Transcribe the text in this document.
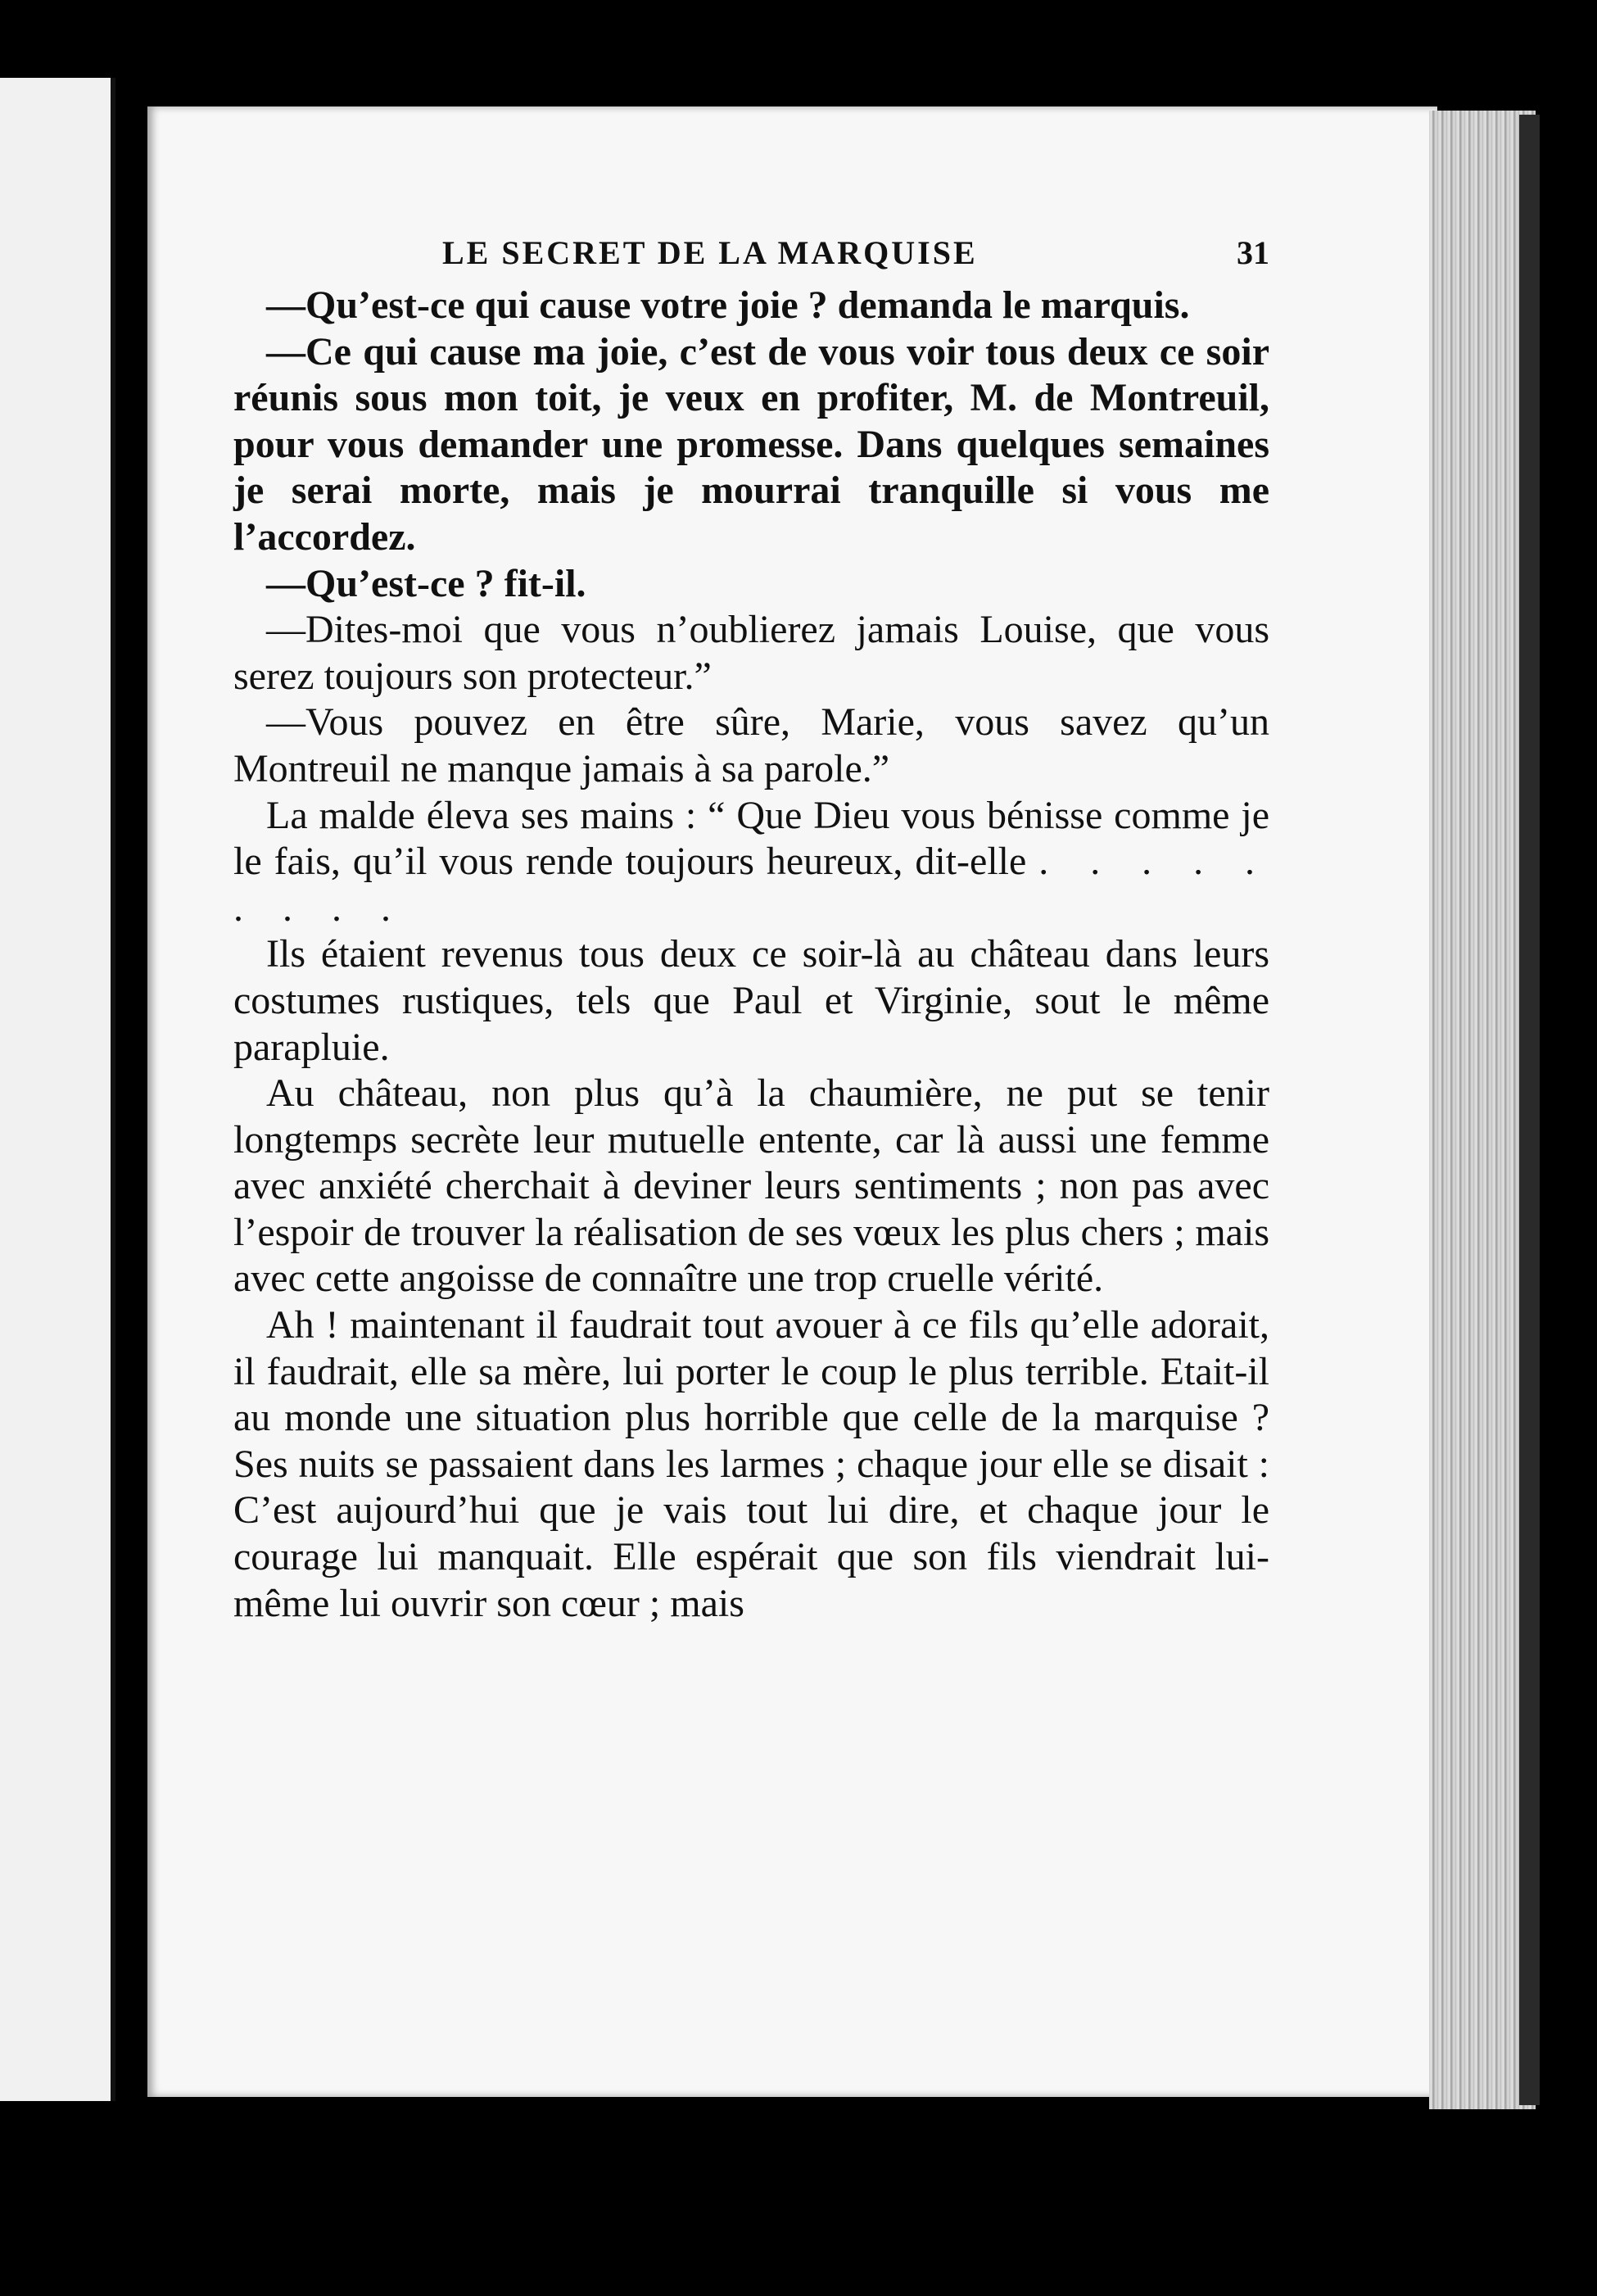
LE SECRET DE LA MARQUISE	31

—Qu’est-ce qui cause votre joie ? demanda le marquis.

—Ce qui cause ma joie, c’est de vous voir tous deux ce soir réunis sous mon toit, je veux en profiter, M. de Montreuil, pour vous demander une promesse. Dans quelques semaines je serai morte, mais je mourrai tranquille si vous me l’accordez.

—Qu’est-ce ? fit-il.

—Dites-moi que vous n’oublierez jamais Louise, que vous serez toujours son protecteur.”

—Vous pouvez en être sûre, Marie, vous savez qu’un Montreuil ne manque jamais à sa parole.”

La malde éleva ses mains : “ Que Dieu vous bénisse comme je le fais, qu’il vous rende toujours heureux, dit-elle . . . . . . . . .

Ils étaient revenus tous deux ce soir-là au château dans leurs costumes rustiques, tels que Paul et Virginie, sout le même parapluie.

Au château, non plus qu’à la chaumière, ne put se tenir longtemps secrète leur mutuelle entente, car là aussi une femme avec anxiété cherchait à deviner leurs sentiments ; non pas avec l’espoir de trouver la réalisation de ses vœux les plus chers ; mais avec cette angoisse de connaître une trop cruelle vérité.

Ah ! maintenant il faudrait tout avouer à ce fils qu’elle adorait, il faudrait, elle sa mère, lui porter le coup le plus terrible. Etait-il au monde une situation plus horrible que celle de la marquise ? Ses nuits se passaient dans les larmes ; chaque jour elle se disait : C’est aujourd’hui que je vais tout lui dire, et chaque jour le courage lui manquait. Elle espérait que son fils viendrait lui-même lui ouvrir son cœur ; mais
